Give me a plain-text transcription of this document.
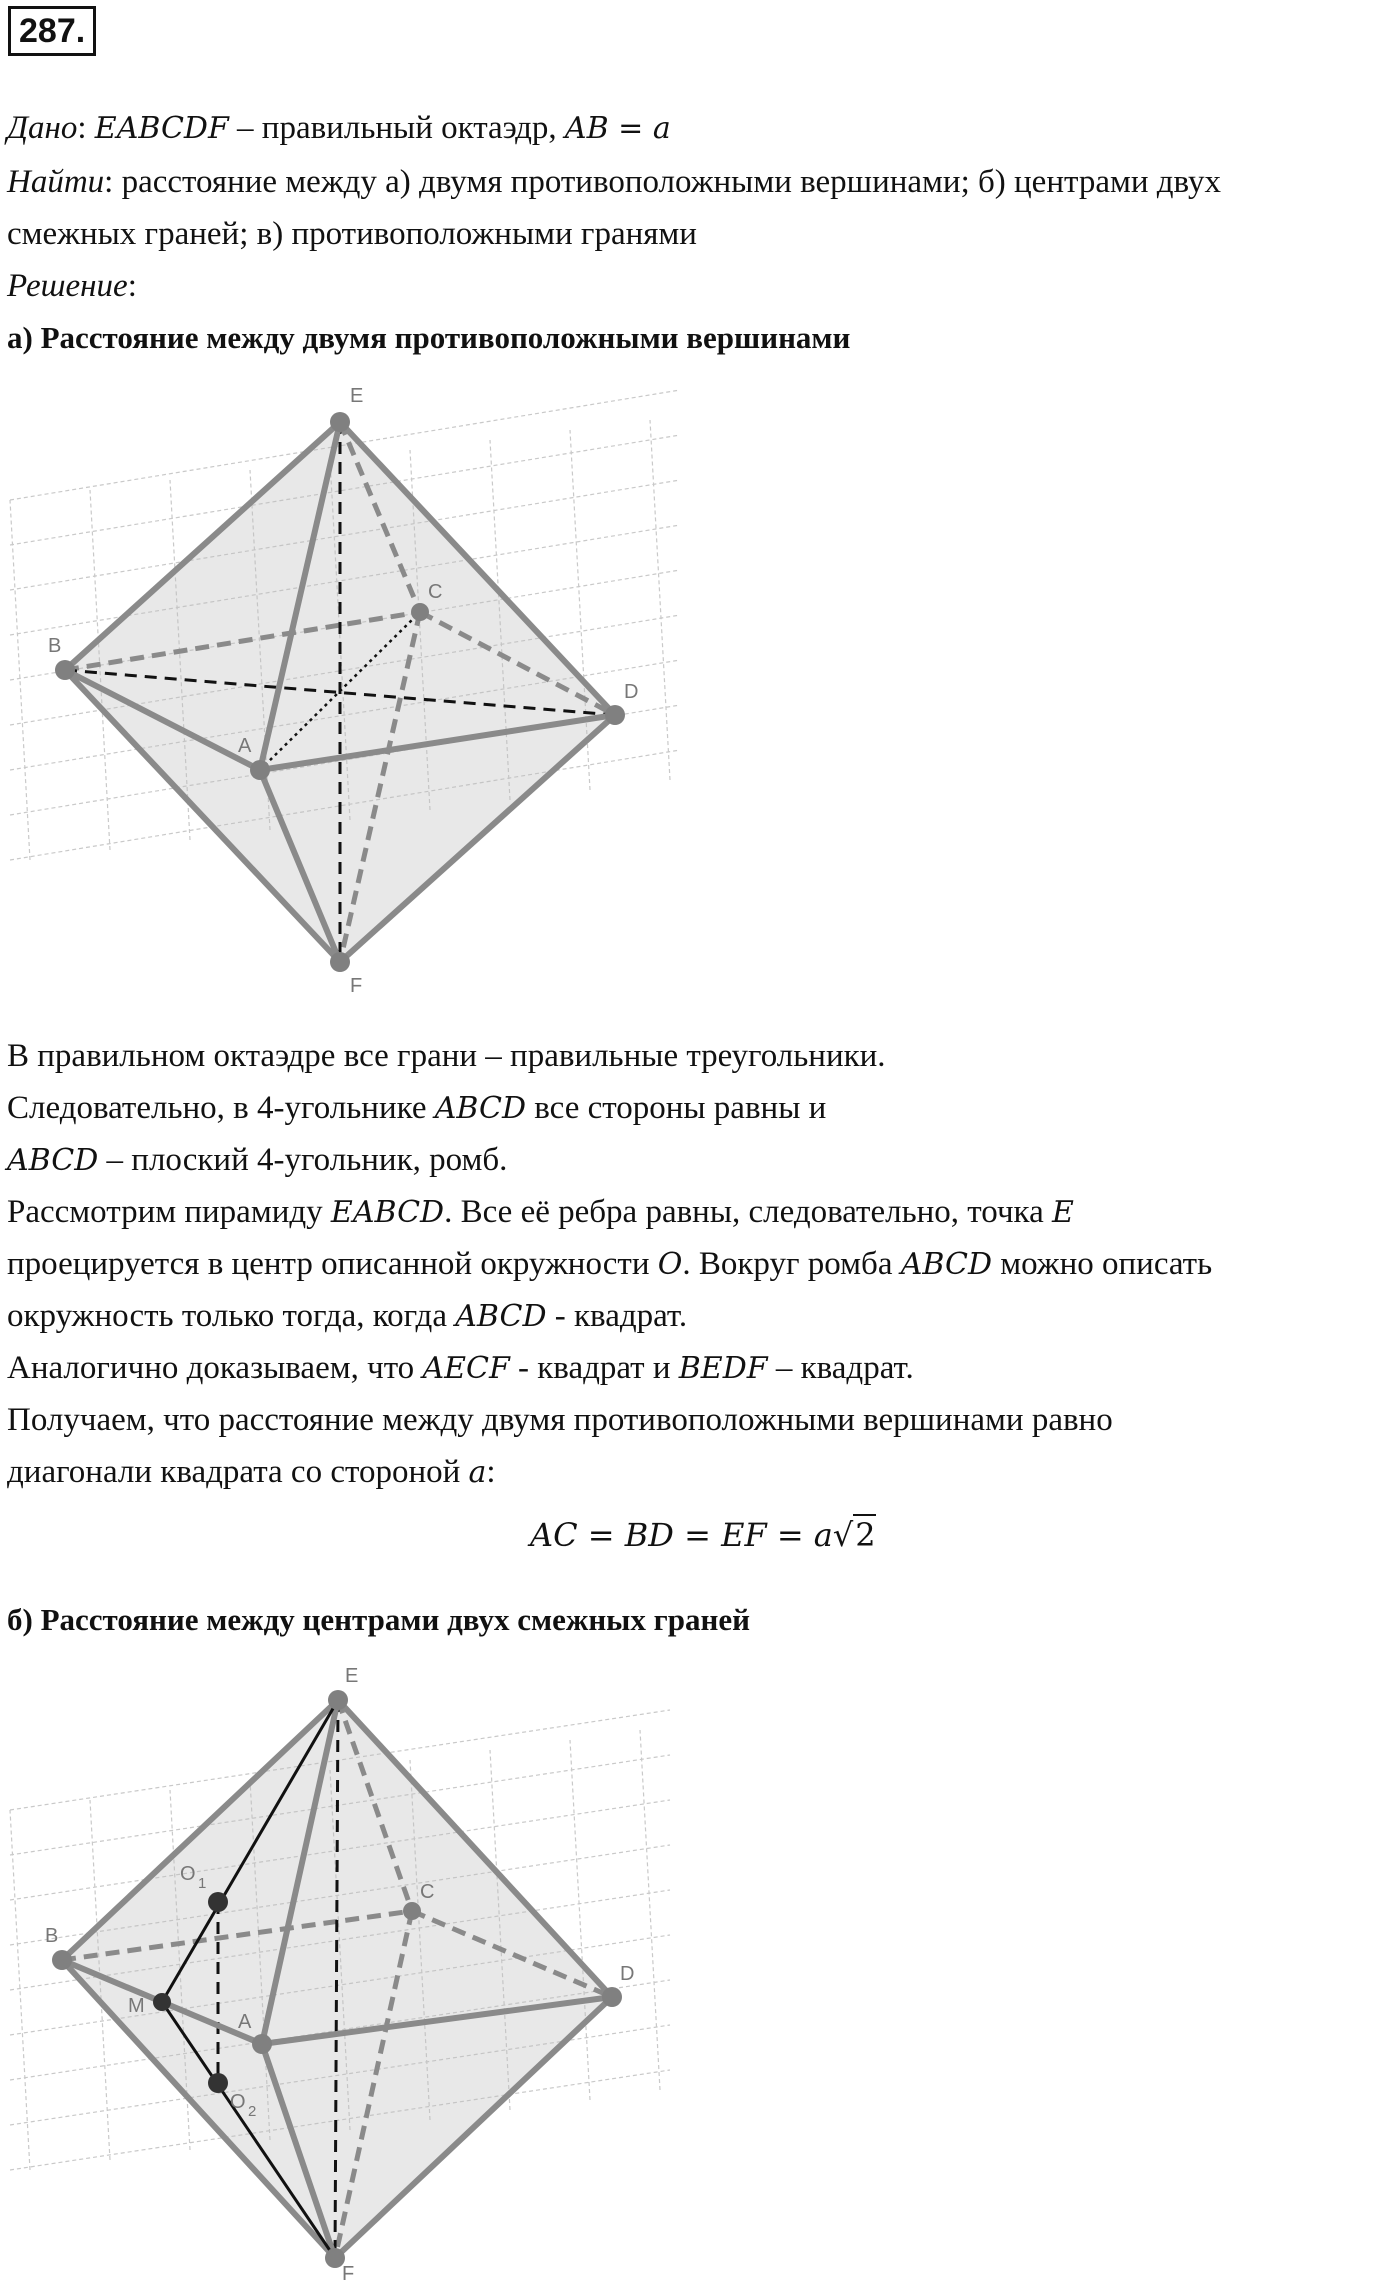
287.
Дано: EABCDF – правильный октаэдр, AB = a
Найти: расстояние между а) двумя противоположными вершинами; б) центрами двух
смежных граней; в) противоположными гранями
Решение:
а) Расстояние между двумя противоположными вершинами
E
C
B
D
A
F
В правильном октаэдре все грани – правильные треугольники.
Следовательно, в 4-угольнике ABCD все стороны равны и
ABCD – плоский 4-угольник, ромб.
Рассмотрим пирамиду EABCD. Все её ребра равны, следовательно, точка E
проецируется в центр описанной окружности O. Вокруг ромба ABCD можно описать
окружность только тогда, когда ABCD - квадрат.
Аналогично доказываем, что AECF - квадрат и BEDF – квадрат.
Получаем, что расстояние между двумя противоположными вершинами равно
диагонали квадрата со стороной a:
AC = BD = EF = a√2
б) Расстояние между центрами двух смежных граней
E
C
B
D
A
F
M
O 1
O 2
